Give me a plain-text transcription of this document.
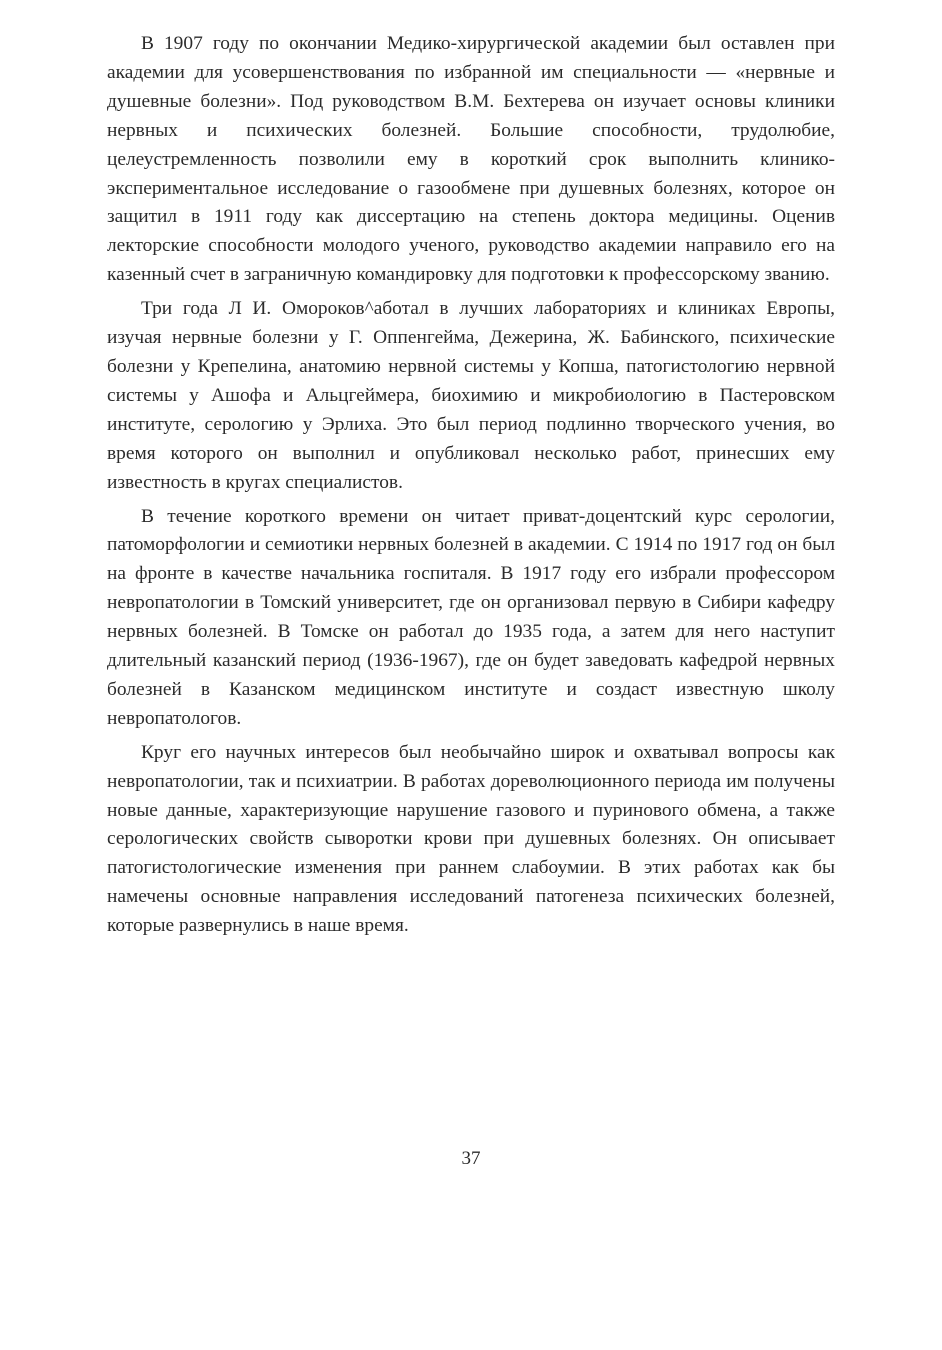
В 1907 году по окончании Медико-хирургической академии был оставлен при академии для усовершенствования по избранной им специальности — «нервные и душевные болезни». Под руководством В.М. Бехтерева он изучает основы клиники нервных и психических болезней. Большие способности, трудолюбие, целеустремленность позволили ему в короткий срок выполнить клинико-экспериментальное исследование о газообмене при душевных болезнях, которое он защитил в 1911 году как диссертацию на степень доктора медицины. Оценив лекторские способности молодого ученого, руководство академии направило его на казенный счет в заграничную командировку для подготовки к профессорскому званию.

Три года Л И. Омороков^аботал в лучших лабораториях и клиниках Европы, изучая нервные болезни у Г. Оппенгейма, Дежерина, Ж. Бабинского, психические болезни у Крепелина, анатомию нервной системы у Копша, патогистологию нервной системы у Ашофа и Альцгеймера, биохимию и микробиологию в Пастеровском институте, серологию у Эрлиха. Это был период подлинно творческого учения, во время которого он выполнил и опубликовал несколько работ, принесших ему известность в кругах специалистов.

В течение короткого времени он читает приват-доцентский курс серологии, патоморфологии и семиотики нервных болезней в академии. С 1914 по 1917 год он был на фронте в качестве начальника госпиталя. В 1917 году его избрали профессором невропатологии в Томский университет, где он организовал первую в Сибири кафедру нервных болезней. В Томске он работал до 1935 года, а затем для него наступит длительный казанский период (1936-1967), где он будет заведовать кафедрой нервных болезней в Казанском медицинском институте и создаст известную школу невропатологов.

Круг его научных интересов был необычайно широк и охватывал вопросы как невропатологии, так и психиатрии. В работах дореволюционного периода им получены новые данные, характеризующие нарушение газового и пуринового обмена, а также серологических свойств сыворотки крови при душевных болезнях. Он описывает патогистологические изменения при раннем слабоумии. В этих работах как бы намечены основные направления исследований патогенеза психических болезней, которые развернулись в наше время.

37
